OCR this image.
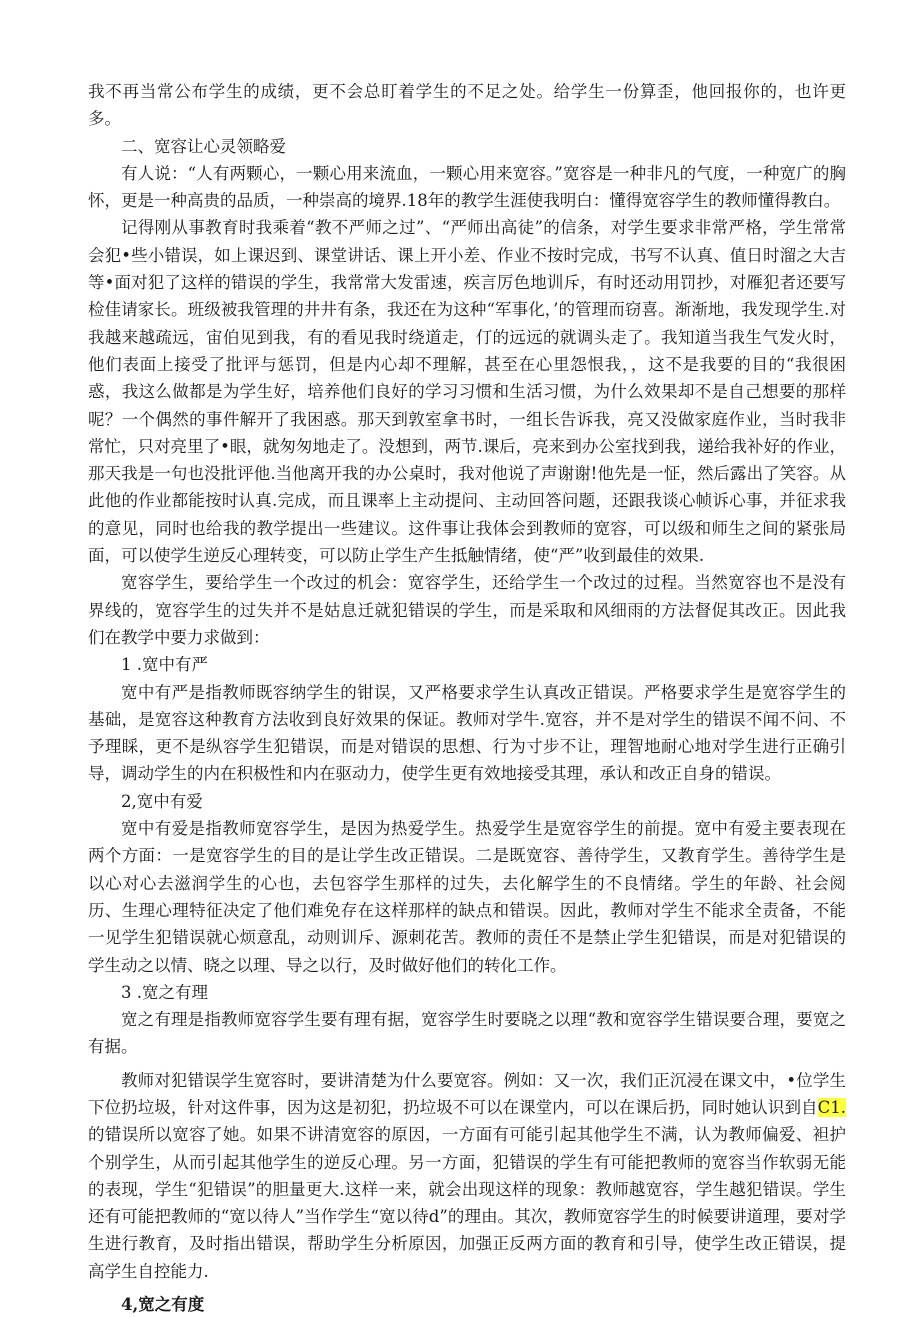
我不再当常公布学生的成绩，更不会总盯着学生的不足之处。给学生一份算歪，他回报你的，也许更多。

二、宽容让心灵领略爱

有人说：“人有两颗心，一颗心用来流血，一颗心用来宽容。”宽容是一种非凡的气度，一种宽广的胸怀，更是一种高贵的品质，一种崇高的境界.18年的教学生涯使我明白：懂得宽容学生的教师懂得教白。

记得刚从事教育时我乘着“教不严师之过”、“严师出高徒”的信条，对学生要求非常严格，学生常常会犯•些小错误，如上课迟到、课堂讲话、课上开小差、作业不按时完成，书写不认真、值日时溜之大吉等•面对犯了这样的错误的学生，我常常大发雷速，疾言厉色地训斥，有时还动用罚抄，对雁犯者还要写检佳请家长。班级被我管理的井井有条，我还在为这种“军事化，’的管理而窃喜。渐渐地，我发现学生.对我越来越疏远，宙伯见到我，有的看见我时绕道走，仃的远远的就调头走了。我知道当我生气发火时，他们表面上接受了批评与惩罚，但是内心却不理解，甚至在心里怨恨我，，这不是我要的目的“我很困惑，我这么做都是为学生好，培养他们良好的学习习惯和生活习惯，为什么效果却不是自己想要的那样呢？一个偶然的事件解开了我困惑。那天到敦室拿书时，一组长告诉我，亮又没做家庭作业，当时我非常忙，只对亮里了•眼，就匆匆地走了。没想到，两节.课后，亮来到办公室找到我，递给我补好的作业，那天我是一句也没批评他.当他离开我的办公桌时，我对他说了声谢谢!他先是一怔，然后露出了笑容。从此他的作业都能按时认真.完成，而且课率上主动提问、主动回答问题，还跟我谈心帧诉心事，并征求我的意见，同时也给我的教学提出一些建议。这件事让我体会到教师的宽容，可以级和师生之间的紧张局面，可以使学生逆反心理转变，可以防止学生产生抵触情绪，使“严”收到最佳的效果.

宽容学生，要给学生一个改过的机会：宽容学生，还给学生一个改过的过程。当然宽容也不是没有界线的，宽容学生的过失并不是姑息迁就犯错误的学生，而是采取和风细雨的方法督促其改正。因此我们在教学中要力求做到：

1 .宽中有严

宽中有严是指教师既容纳学生的钳误，又严格要求学生认真改正错误。严格要求学生是宽容学生的基础，是宽容这种教育方法收到良好效果的保证。教师对学牛.宽容，并不是对学生的错误不闻不问、不予理睬，更不是纵容学生犯错误，而是对错误的思想、行为寸步不让，理智地耐心地对学生进行正确引导，调动学生的内在积极性和内在驱动力，使学生更有效地接受其理，承认和改正自身的错误。

2,宽中有爱

宽中有爱是指教师宽容学生，是因为热爱学生。热爱学生是宽容学生的前提。宽中有爱主要表现在两个方面：一是宽容学生的目的是让学生改正错误。二是既宽容、善待学生，又教育学生。善待学生是以心对心去滋润学生的心也，去包容学生那样的过失，去化解学生的不良情绪。学生的年龄、社会阅历、生理心理特征决定了他们难免存在这样那样的缺点和错误。因此，教师对学生不能求全责备，不能一见学生犯错误就心烦意乱，动则训斥、源刺花苦。教师的责任不是禁止学生犯错误，而是对犯错误的学生动之以情、晓之以理、导之以行，及时做好他们的转化工作。

3 .宽之有理

宽之有理是指教师宽容学生要有理有据，宽容学生时要晓之以理“教和宽容学生错误要合理，要宽之有据。

教师对犯错误学生宽容时，要讲清楚为什么要宽容。例如：又一次，我们正沉浸在课文中，•位学生下位扔垃圾，针对这件事，因为这是初犯，扔垃圾不可以在课堂内，可以在课后扔，同时她认识到自C1.的错误所以宽容了她。如果不讲清宽容的原因，一方面有可能引起其他学生不满，认为教师偏爱、袒护个别学生，从而引起其他学生的逆反心理。另一方面，犯错误的学生有可能把教师的宽容当作软弱无能的表现，学生“犯错误”的胆量更大.这样一来，就会出现这样的现象：教师越宽容，学生越犯错误。学生还有可能把教师的“宽以待人”当作学生“宽以待d”的理由。其次，教师宽容学生的时候要讲道理，要对学生进行教育，及时指出错误，帮助学生分析原因，加强正反两方面的教育和引导，使学生改正错误，提高学生自控能力.

4,宽之有度
